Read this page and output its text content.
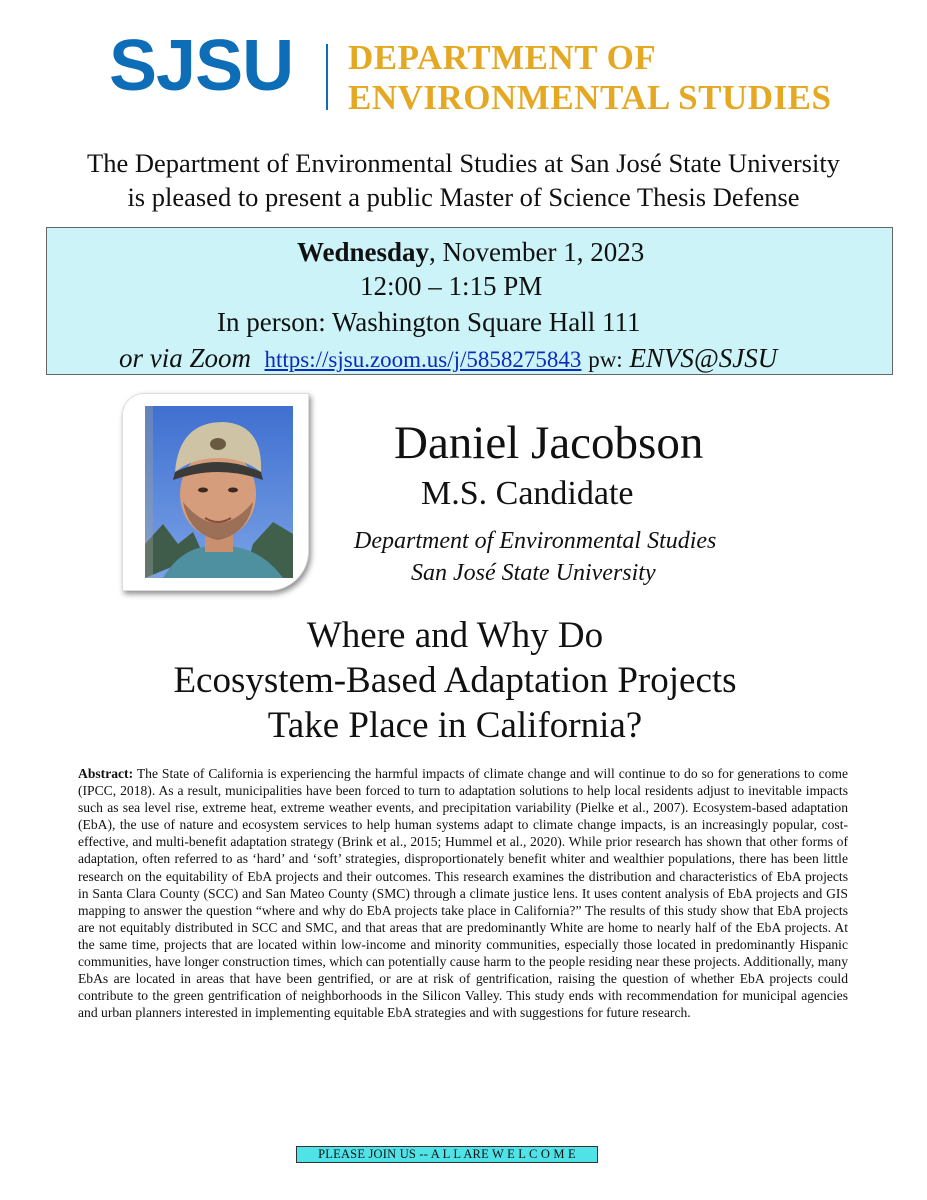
SJSU DEPARTMENT OF
ENVIRONMENTAL STUDIES
The Department of Environmental Studies at San José State University
is pleased to present a public Master of Science Thesis Defense
Wednesday, November 1, 2023
12:00 – 1:15 PM
In person: Washington Square Hall 111
or via Zoom https://sjsu.zoom.us/j/5858275843 pw: ENVS@SJSU
Daniel Jacobson
M.S. Candidate
Department of Environmental Studies
San José State University
Where and Why Do
Ecosystem-Based Adaptation Projects
Take Place in California?
Abstract: The State of California is experiencing the harmful impacts of climate change and will continue to do so for generations to come (IPCC, 2018). As a result, municipalities have been forced to turn to adaptation solutions to help local residents adjust to inevitable impacts such as sea level rise, extreme heat, extreme weather events, and precipitation variability (Pielke et al., 2007). Ecosystem-based adaptation (EbA), the use of nature and ecosystem services to help human systems adapt to climate change impacts, is an increasingly popular, cost-effective, and multi-benefit adaptation strategy (Brink et al., 2015; Hummel et al., 2020). While prior research has shown that other forms of adaptation, often referred to as ‘hard’ and ‘soft’ strategies, disproportionately benefit whiter and wealthier populations, there has been little research on the equitability of EbA projects and their outcomes. This research examines the distribution and characteristics of EbA projects in Santa Clara County (SCC) and San Mateo County (SMC) through a climate justice lens. It uses content analysis of EbA projects and GIS mapping to answer the question “where and why do EbA projects take place in California?” The results of this study show that EbA projects are not equitably distributed in SCC and SMC, and that areas that are predominantly White are home to nearly half of the EbA projects. At the same time, projects that are located within low-income and minority communities, especially those located in predominantly Hispanic communities, have longer construction times, which can potentially cause harm to the people residing near these projects. Additionally, many EbAs are located in areas that have been gentrified, or are at risk of gentrification, raising the question of whether EbA projects could contribute to the green gentrification of neighborhoods in the Silicon Valley. This study ends with recommendation for municipal agencies and urban planners interested in implementing equitable EbA strategies and with suggestions for future research.
PLEASE JOIN US -- A L L ARE W E L C O M E
